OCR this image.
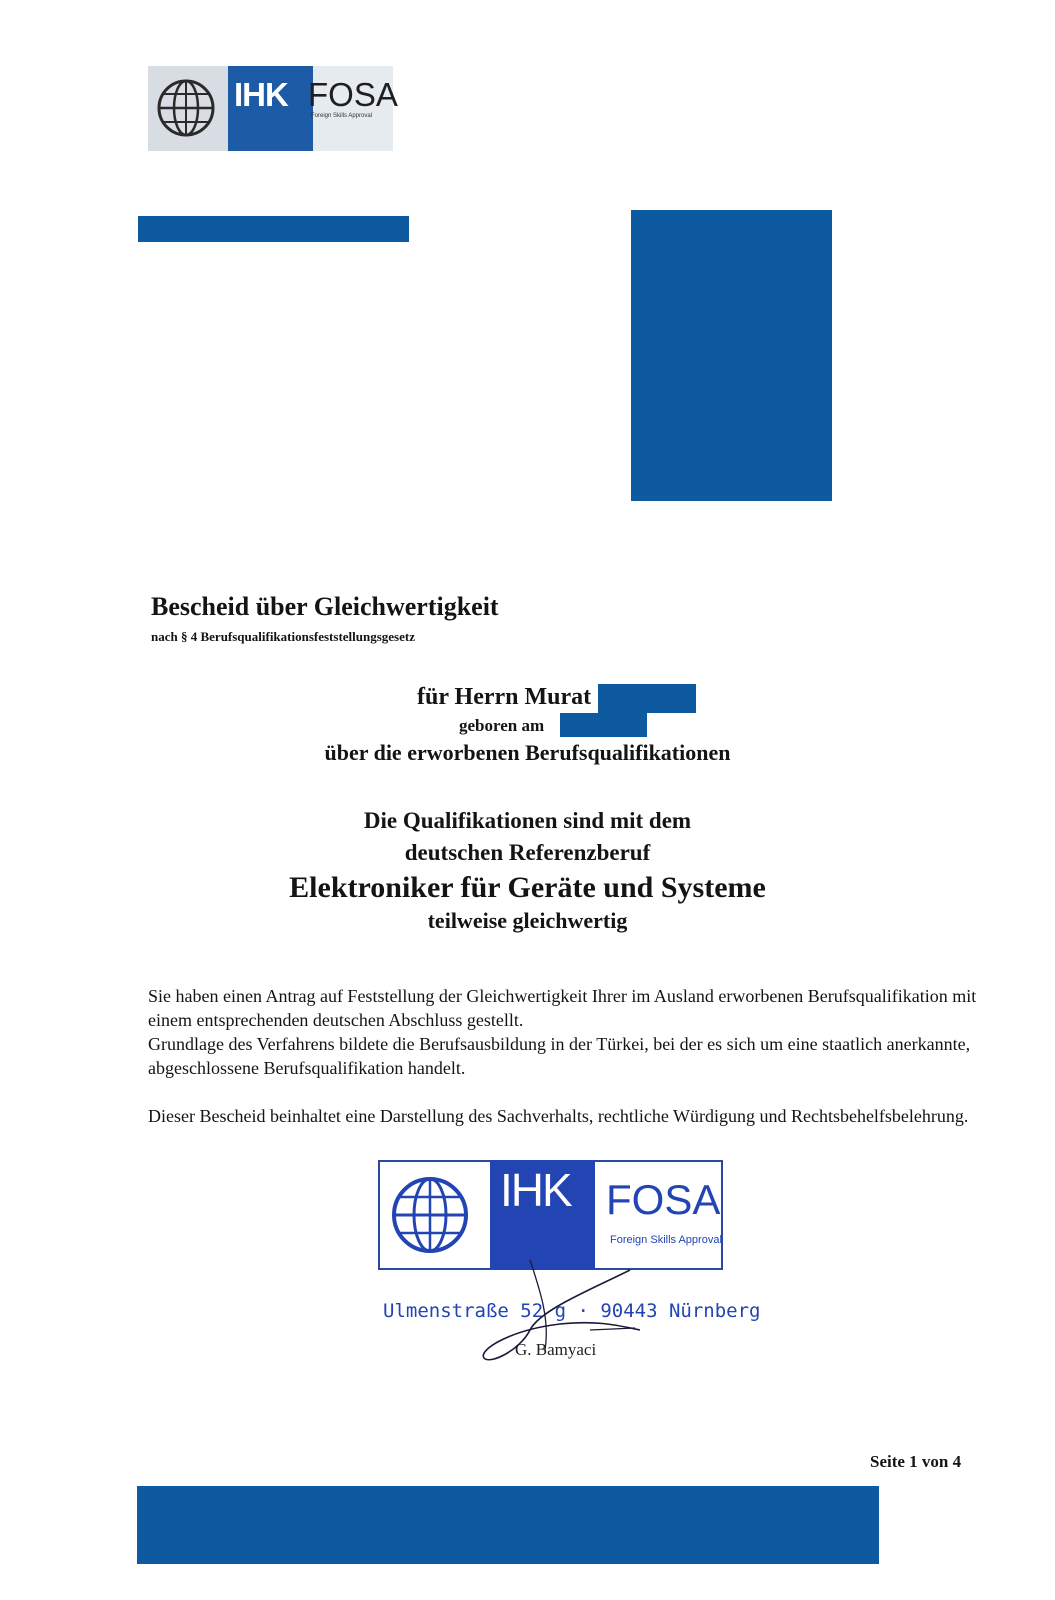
IHK FOSA
Foreign Skills Approval
Bescheid über Gleichwertigkeit
nach § 4 Berufsqualifikationsfeststellungsgesetz
für Herrn Murat
geboren am
über die erworbenen Berufsqualifikationen
Die Qualifikationen sind mit dem
deutschen Referenzberuf
Elektroniker für Geräte und Systeme
teilweise gleichwertig

Sie haben einen Antrag auf Feststellung der Gleichwertigkeit Ihrer im Ausland erworbenen Berufsqualifikation mit einem entsprechenden deutschen Abschluss gestellt.

Grundlage des Verfahrens bildete die Berufsausbildung in der Türkei, bei der es sich um eine staatlich anerkannte, abgeschlossene Berufsqualifikation handelt.

Dieser Bescheid beinhaltet eine Darstellung des Sachverhalts, rechtliche Würdigung und Rechtsbehelfsbelehrung.

IHK FOSA
Foreign Skills Approval
Ulmenstraße 52 g · 90443 Nürnberg
G. Bamyaci
Seite 1 von 4
